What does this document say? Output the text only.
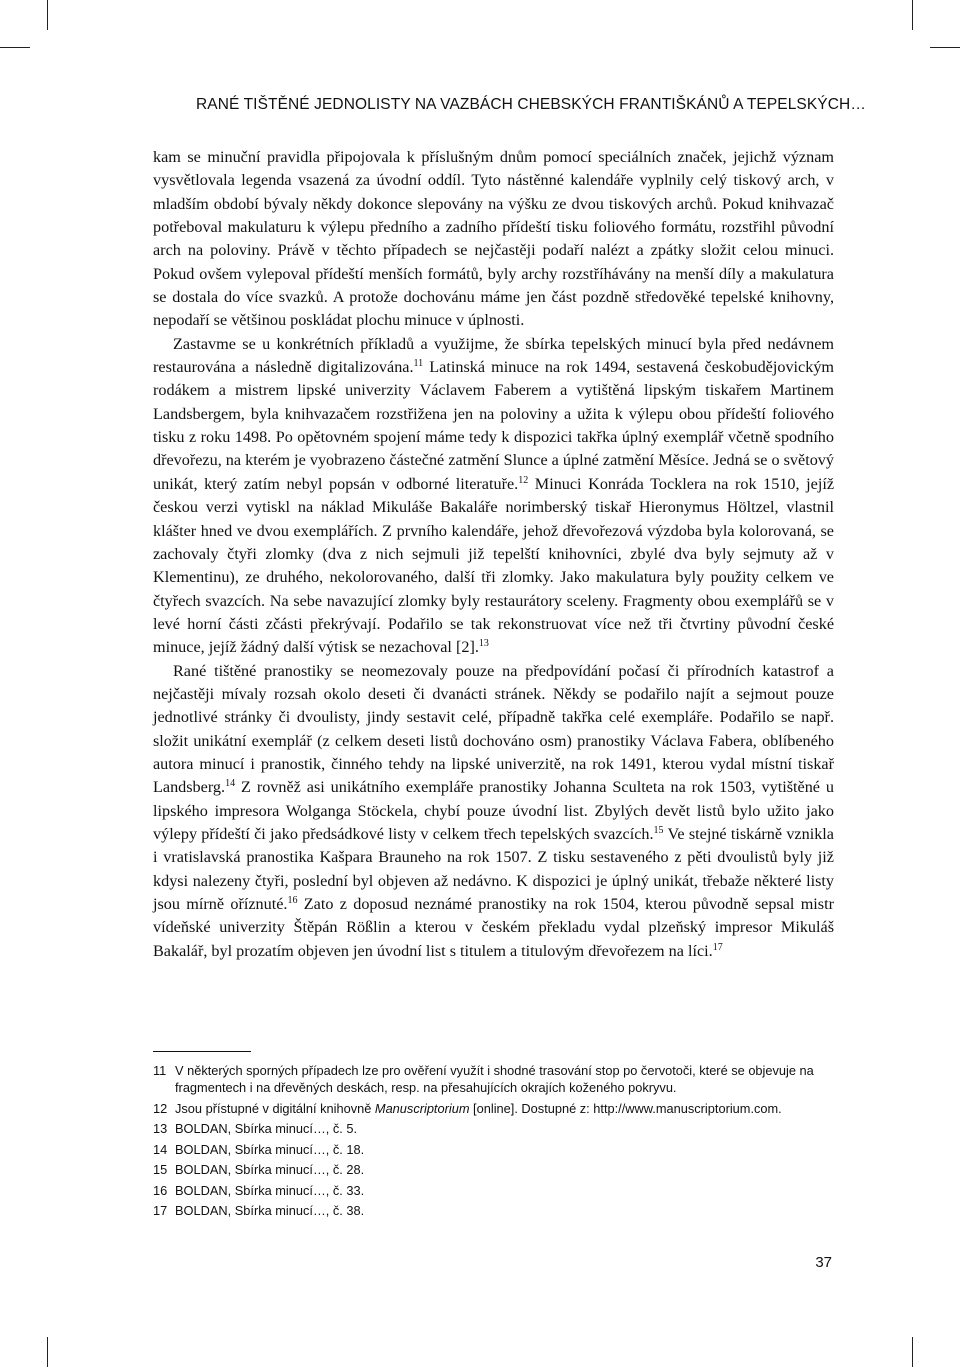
RANÉ TIŠTĚNÉ JEDNOLISTY NA VAZBÁCH CHEBSKÝCH FRANTIŠKÁNŮ A TEPELSKÝCH…

kam se minuční pravidla připojovala k příslušným dnům pomocí speciálních značek, jejichž význam vysvětlovala legenda vsazená za úvodní oddíl. Tyto nástěnné kalendáře vyplnily celý tiskový arch, v mladším období bývaly někdy dokonce slepovány na výšku ze dvou tiskových archů. Pokud knihvazač potřeboval makulaturu k výlepu předního a zadního přídeští tisku foliového formátu, rozstřihl původní arch na poloviny. Právě v těchto případech se nejčastěji podaří nalézt a zpátky složit celou minuci. Pokud ovšem vylepoval přídeští menších formátů, byly archy rozstříhávány na menší díly a makulatura se dostala do více svazků. A protože dochovánu máme jen část pozdně středověké tepelské knihovny, nepodaří se většinou poskládat plochu minuce v úplnosti.

Zastavme se u konkrétních příkladů a využijme, že sbírka tepelských minucí byla před nedávnem restaurována a následně digitalizována.$^{11}$ Latinská minuce na rok 1494, sestavená českobudějovickým rodákem a mistrem lipské univerzity Václavem Faberem a vytištěná lipským tiskařem Martinem Landsbergem, byla knihvazačem rozstřižena jen na poloviny a užita k výlepu obou přídeští foliového tisku z roku 1498. Po opětovném spojení máme tedy k dispozici takřka úplný exemplář včetně spodního dřevořezu, na kterém je vyobrazeno částečné zatmění Slunce a úplné zatmění Měsíce. Jedná se o světový unikát, který zatím nebyl popsán v odborné literatuře.$^{12}$ Minuci Konráda Tocklera na rok 1510, jejíž českou verzi vytiskl na náklad Mikuláše Bakaláře norimberský tiskař Hieronymus Höltzel, vlastnil klášter hned ve dvou exemplářích. Z prvního kalendáře, jehož dřevořezová výzdoba byla kolorovaná, se zachovaly čtyři zlomky (dva z nich sejmuli již tepelští knihovníci, zbylé dva byly sejmuty až v Klementinu), ze druhého, nekolorovaného, další tři zlomky. Jako makulatura byly použity celkem ve čtyřech svazcích. Na sebe navazující zlomky byly restaurátory sceleny. Fragmenty obou exemplářů se v levé horní části zčásti překrývají. Podařilo se tak rekonstruovat více než tři čtvrtiny původní české minuce, jejíž žádný další výtisk se nezachoval [2].$^{13}$

Rané tištěné pranostiky se neomezovaly pouze na předpovídání počasí či přírodních katastrof a nejčastěji mívaly rozsah okolo deseti či dvanácti stránek. Někdy se podařilo najít a sejmout pouze jednotlivé stránky či dvoulisty, jindy sestavit celé, případně takřka celé exempláře. Podařilo se např. složit unikátní exemplář (z celkem deseti listů dochováno osm) pranostiky Václava Fabera, oblíbeného autora minucí i pranostik, činného tehdy na lipské univerzitě, na rok 1491, kterou vydal místní tiskař Landsberg.$^{14}$ Z rovněž asi unikátního exempláře pranostiky Johanna Sculteta na rok 1503, vytištěné u lipského impresora Wolganga Stöckela, chybí pouze úvodní list. Zbylých devět listů bylo užito jako výlepy přídeští či jako předsádkové listy v celkem třech tepelských svazcích.$^{15}$ Ve stejné tiskárně vznikla i vratislavská pranostika Kašpara Brauneho na rok 1507. Z tisku sestaveného z pěti dvoulistů byly již kdysi nalezeny čtyři, poslední byl objeven až nedávno. K dispozici je úplný unikát, třebaže některé listy jsou mírně oříznuté.$^{16}$ Zato z doposud neznámé pranostiky na rok 1504, kterou původně sepsal mistr vídeňské univerzity Štěpán Rößlin a kterou v českém překladu vydal plzeňský impresor Mikuláš Bakalář, byl prozatím objeven jen úvodní list s titulem a titulovým dřevořezem na líci.$^{17}$

11 V některých sporných případech lze pro ověření využít i shodné trasování stop po červotoči, které se objevuje na fragmentech i na dřevěných deskách, resp. na přesahujících okrajích koženého pokryvu.
12 Jsou přístupné v digitální knihovně Manuscriptorium [online]. Dostupné z: http://www.manuscriptorium.com.
13 BOLDAN, Sbírka minucí…, č. 5.
14 BOLDAN, Sbírka minucí…, č. 18.
15 BOLDAN, Sbírka minucí…, č. 28.
16 BOLDAN, Sbírka minucí…, č. 33.
17 BOLDAN, Sbírka minucí…, č. 38.
37
